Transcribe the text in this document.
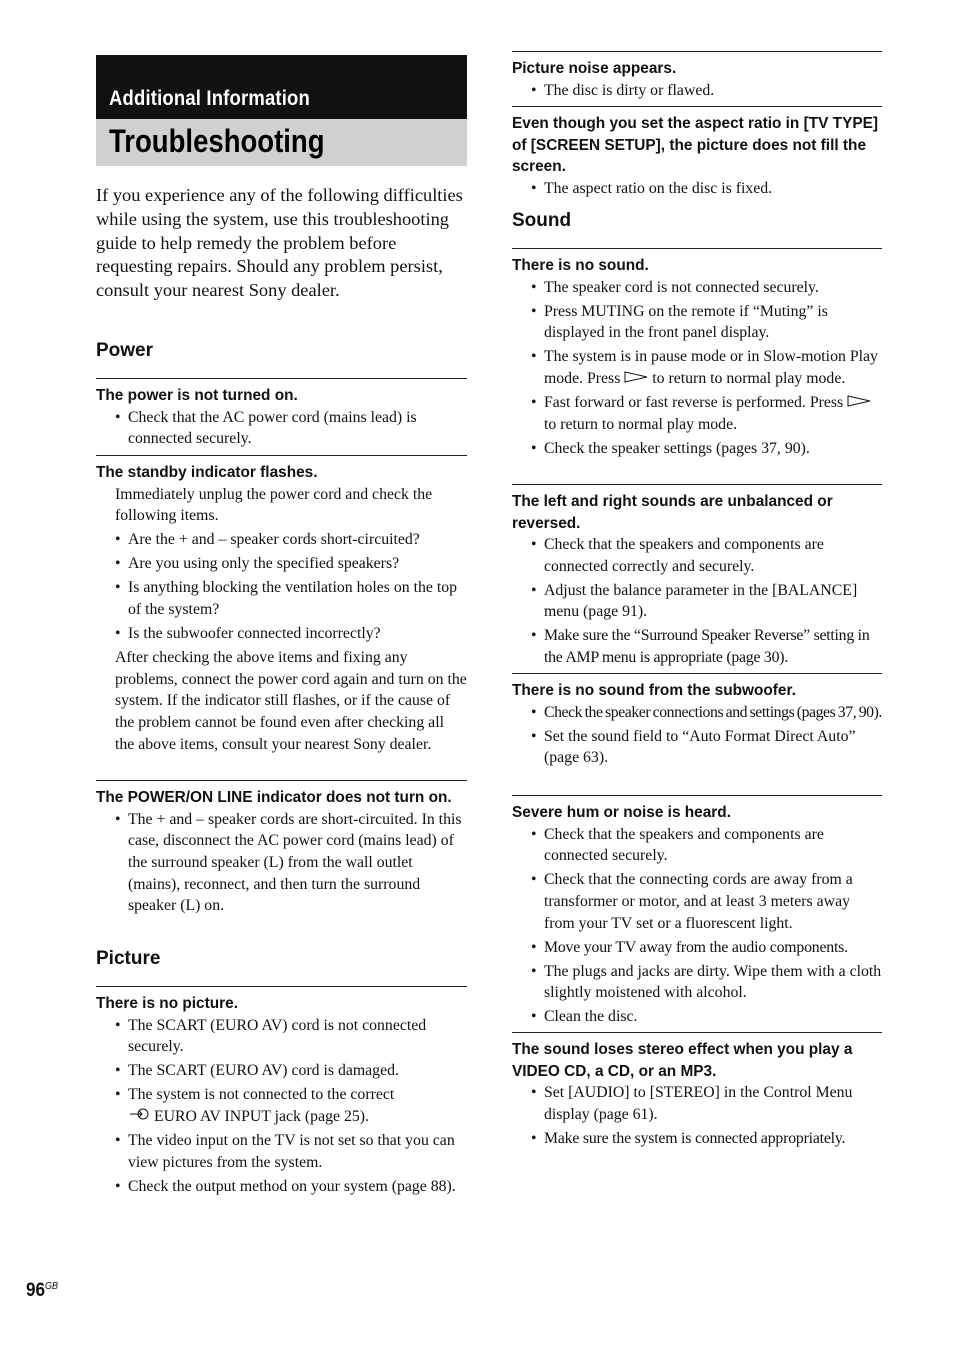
Additional Information
Troubleshooting
If you experience any of the following difficulties while using the system, use this troubleshooting guide to help remedy the problem before requesting repairs. Should any problem persist, consult your nearest Sony dealer.
Power
The power is not turned on.
• Check that the AC power cord (mains lead) is connected securely.
The standby indicator flashes.
Immediately unplug the power cord and check the following items.
• Are the + and – speaker cords short-circuited?
• Are you using only the specified speakers?
• Is anything blocking the ventilation holes on the top of the system?
• Is the subwoofer connected incorrectly?
After checking the above items and fixing any problems, connect the power cord again and turn on the system. If the indicator still flashes, or if the cause of the problem cannot be found even after checking all the above items, consult your nearest Sony dealer.
The POWER/ON LINE indicator does not turn on.
• The + and – speaker cords are short-circuited. In this case, disconnect the AC power cord (mains lead) of the surround speaker (L) from the wall outlet (mains), reconnect, and then turn the surround speaker (L) on.
Picture
There is no picture.
• The SCART (EURO AV) cord is not connected securely.
• The SCART (EURO AV) cord is damaged.
• The system is not connected to the correct
EURO AV INPUT jack (page 25).
• The video input on the TV is not set so that you can view pictures from the system.
• Check the output method on your system (page 88).
Picture noise appears.
• The disc is dirty or flawed.
Even though you set the aspect ratio in [TV TYPE] of [SCREEN SETUP], the picture does not fill the screen.
• The aspect ratio on the disc is fixed.
Sound
There is no sound.
• The speaker cord is not connected securely.
• Press MUTING on the remote if “Muting” is displayed in the front panel display.
• The system is in pause mode or in Slow-motion Play mode. Press to return to normal play mode.
• Fast forward or fast reverse is performed. Press  to return to normal play mode.
• Check the speaker settings (pages 37, 90).
The left and right sounds are unbalanced or reversed.
• Check that the speakers and components are connected correctly and securely.
• Adjust the balance parameter in the [BALANCE] menu (page 91).
• Make sure the “Surround Speaker Reverse” setting in the AMP menu is appropriate (page 30).
There is no sound from the subwoofer.
• Check the speaker connections and settings (pages 37, 90).
• Set the sound field to “Auto Format Direct Auto” (page 63).
Severe hum or noise is heard.
• Check that the speakers and components are connected securely.
• Check that the connecting cords are away from a transformer or motor, and at least 3 meters away from your TV set or a fluorescent light.
• Move your TV away from the audio components.
• The plugs and jacks are dirty. Wipe them with a cloth slightly moistened with alcohol.
• Clean the disc.
The sound loses stereo effect when you play a VIDEO CD, a CD, or an MP3.
• Set [AUDIO] to [STEREO] in the Control Menu display (page 61).
• Make sure the system is connected appropriately.
$96^{GB}$
